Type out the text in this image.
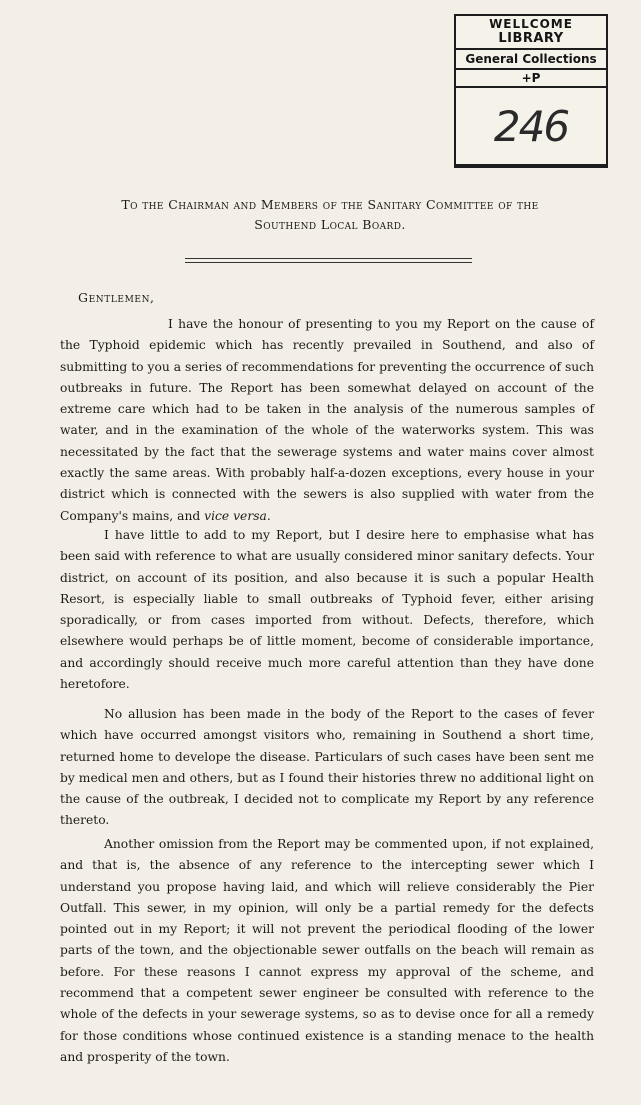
WELLCOME
LIBRARY
General Collections
+P
246
To the Chairman and Members of the Sanitary Committee of the
Southend Local Board.
Gentlemen,
I have the honour of presenting to you my Report on the cause of the Typhoid epidemic which has recently prevailed in Southend, and also of submitting to you a series of recommendations for preventing the occurrence of such outbreaks in future. The Report has been somewhat delayed on account of the extreme care which had to be taken in the analysis of the numerous samples of water, and in the examination of the whole of the waterworks system. This was necessitated by the fact that the sewerage systems and water mains cover almost exactly the same areas. With probably half-a-dozen exceptions, every house in your district which is connected with the sewers is also supplied with water from the Company's mains, and vice versa.
I have little to add to my Report, but I desire here to emphasise what has been said with reference to what are usually considered minor sanitary defects. Your district, on account of its position, and also because it is such a popular Health Resort, is especially liable to small outbreaks of Typhoid fever, either arising sporadically, or from cases imported from without. Defects, therefore, which elsewhere would perhaps be of little moment, become of considerable importance, and accordingly should receive much more careful attention than they have done heretofore.
No allusion has been made in the body of the Report to the cases of fever which have occurred amongst visitors who, remaining in Southend a short time, returned home to develope the disease. Particulars of such cases have been sent me by medical men and others, but as I found their histories threw no additional light on the cause of the outbreak, I decided not to complicate my Report by any reference thereto.
Another omission from the Report may be commented upon, if not explained, and that is, the absence of any reference to the intercepting sewer which I understand you propose having laid, and which will relieve considerably the Pier Outfall. This sewer, in my opinion, will only be a partial remedy for the defects pointed out in my Report; it will not prevent the periodical flooding of the lower parts of the town, and the objectionable sewer outfalls on the beach will remain as before. For these reasons I cannot express my approval of the scheme, and recommend that a competent sewer engineer be consulted with reference to the whole of the defects in your sewerage systems, so as to devise once for all a remedy for those conditions whose continued existence is a standing menace to the health and prosperity of the town.
